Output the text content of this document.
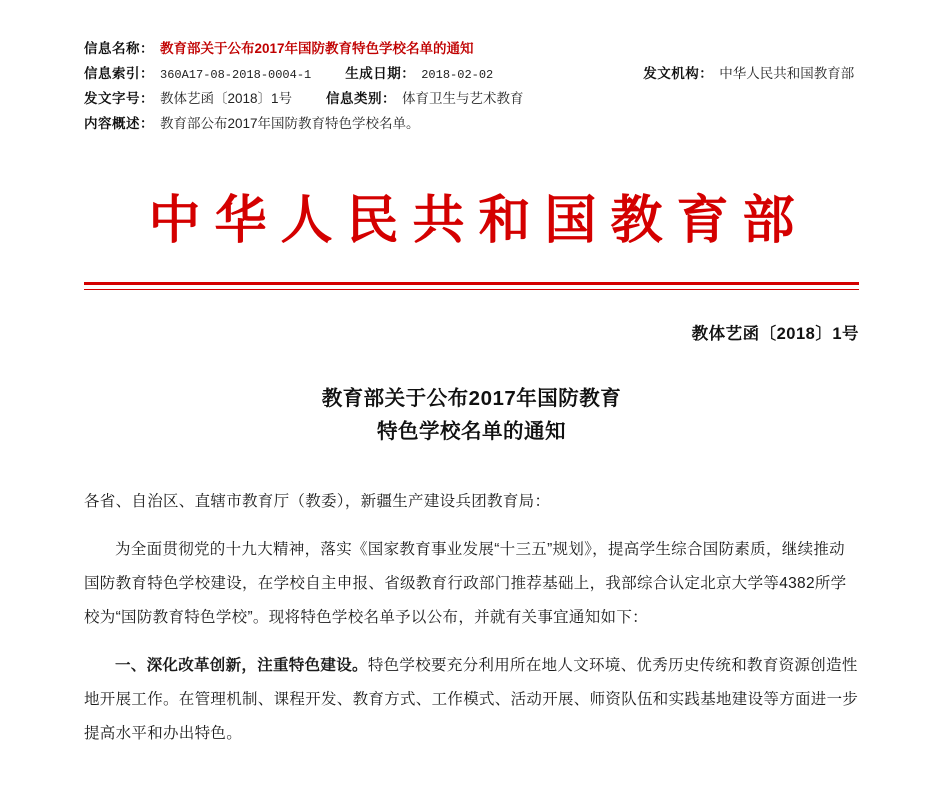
信息名称： 教育部关于公布2017年国防教育特色学校名单的通知
信息索引： 360A17-08-2018-0004-1	生成日期： 2018-02-02	发文机构： 中华人民共和国教育部
发文字号： 教体艺函〔2018〕1号	信息类别： 体育卫生与艺术教育
内容概述： 教育部公布2017年国防教育特色学校名单。
中华人民共和国教育部
教体艺函〔2018〕1号
教育部关于公布2017年国防教育
特色学校名单的通知

各省、自治区、直辖市教育厅（教委），新疆生产建设兵团教育局：

为全面贯彻党的十九大精神，落实《国家教育事业发展“十三五”规划》，提高学生综合国防素质，继续推动国防教育特色学校建设，在学校自主申报、省级教育行政部门推荐基础上，我部综合认定北京大学等4382所学校为“国防教育特色学校”。现将特色学校名单予以公布，并就有关事宜通知如下：

一、深化改革创新，注重特色建设。特色学校要充分利用所在地人文环境、优秀历史传统和教育资源创造性地开展工作。在管理机制、课程开发、教育方式、工作模式、活动开展、师资队伍和实践基地建设等方面进一步提高水平和办出特色。
